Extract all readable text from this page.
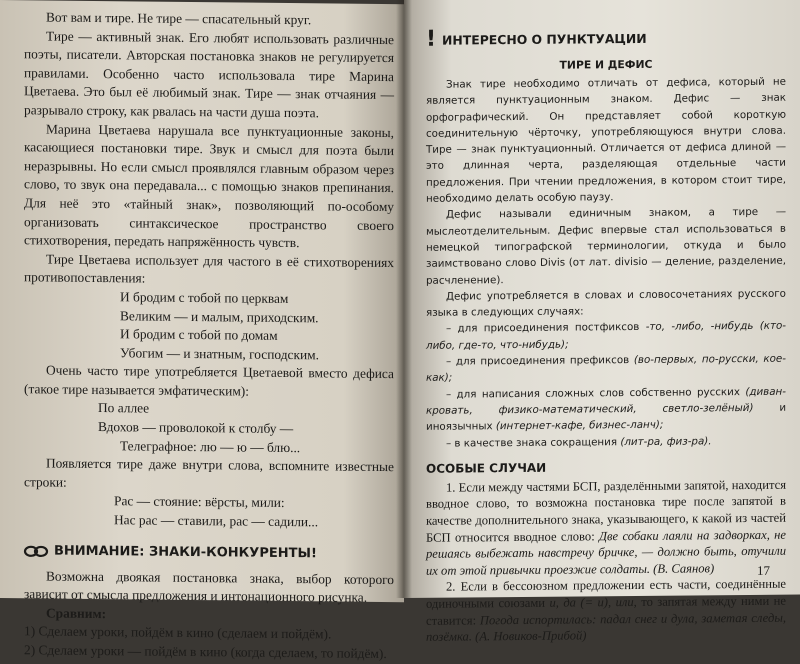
Вот вам и тире. Не тире — спасательный круг.

Тире — активный знак. Его любят использовать различные поэты, писатели. Авторская постановка знаков не регулируется правилами. Особенно часто использовала тире Марина Цветаева. Это был её любимый знак. Тире — знак отчаяния — разрывало строку, как рвалась на части душа поэта.

Марина Цветаева нарушала все пунктуационные законы, касающиеся постановки тире. Звук и смысл для поэта были неразрывны. Но если смысл проявлялся главным образом через слово, то звук она передавала... с помощью знаков препинания. Для неё это «тайный знак», позволяющий по-особому организовать синтаксическое пространство своего стихотворения, передать напряжённость чувств.

Тире Цветаева использует для частого в её стихотворениях противопоставления:

И бродим с тобой по церквам

Великим — и малым, приходским.

И бродим с тобой по домам

Убогим — и знатным, господским.

Очень часто тире употребляется Цветаевой вместо дефиса (такое тире называется эмфатическим):

По аллее

Вдохов — проволокой к столбу —

Телеграфное: лю — ю — блю...

Появляется тире даже внутри слова, вспомните известные строки:

Рас — стояние: вёрсты, мили:

Нас рас — ставили, рас — садили...

ВНИМАНИЕ: ЗНАКИ-КОНКУРЕНТЫ!

Возможна двоякая постановка знака, выбор которого зависит от смысла предложения и интонационного рисунка.

Сравним:

1) Сделаем уроки, пойдём в кино (сделаем и пойдём).

2) Сделаем уроки — пойдём в кино (когда сделаем, то пойдём).

! ИНТЕРЕСНО О ПУНКТУАЦИИ

ТИРЕ И ДЕФИС

Знак тире необходимо отличать от дефиса, который не является пунктуационным знаком. Дефис — знак орфографический. Он представляет собой короткую соединительную чёрточку, употребляющуюся внутри слова. Тире — знак пунктуационный. Отличается от дефиса длиной — это длинная черта, разделяющая отдельные части предложения. При чтении предложения, в котором стоит тире, необходимо делать особую паузу.

Дефис называли единичным знаком, а тире — мыслеотделительным. Дефис впервые стал использоваться в немецкой типографской терминологии, откуда и было заимствовано слово Divis (от лат. divisio — деление, разделение, расчленение).

Дефис употребляется в словах и словосочетаниях русского языка в следующих случаях:

– для присоединения постфиксов -то, -либо, -нибудь (кто-либо, где-то, что-нибудь);

– для присоединения префиксов (во-первых, по-русски, кое-как);

– для написания сложных слов собственно русских (диван-кровать, физико-математический, светло-зелёный) и иноязычных (интернет-кафе, бизнес-ланч);

– в качестве знака сокращения (лит-ра, физ-ра).

ОСОБЫЕ СЛУЧАИ

1. Если между частями БСП, разделёнными запятой, находится вводное слово, то возможна постановка тире после запятой в качестве дополнительного знака, указывающего, к какой из частей БСП относится вводное слово: Две собаки лаяли на задворках, не решаясь выбежать навстречу бричке, — должно быть, отучили их от этой привычки проезжие солдаты. (В. Саянов)

2. Если в бессоюзном предложении есть части, соединённые одиночными союзами и, да (= и), или, то запятая между ними не ставится: Погода испортилась: падал снег и дула, заметая следы, позёмка. (А. Новиков-Прибой)

17
